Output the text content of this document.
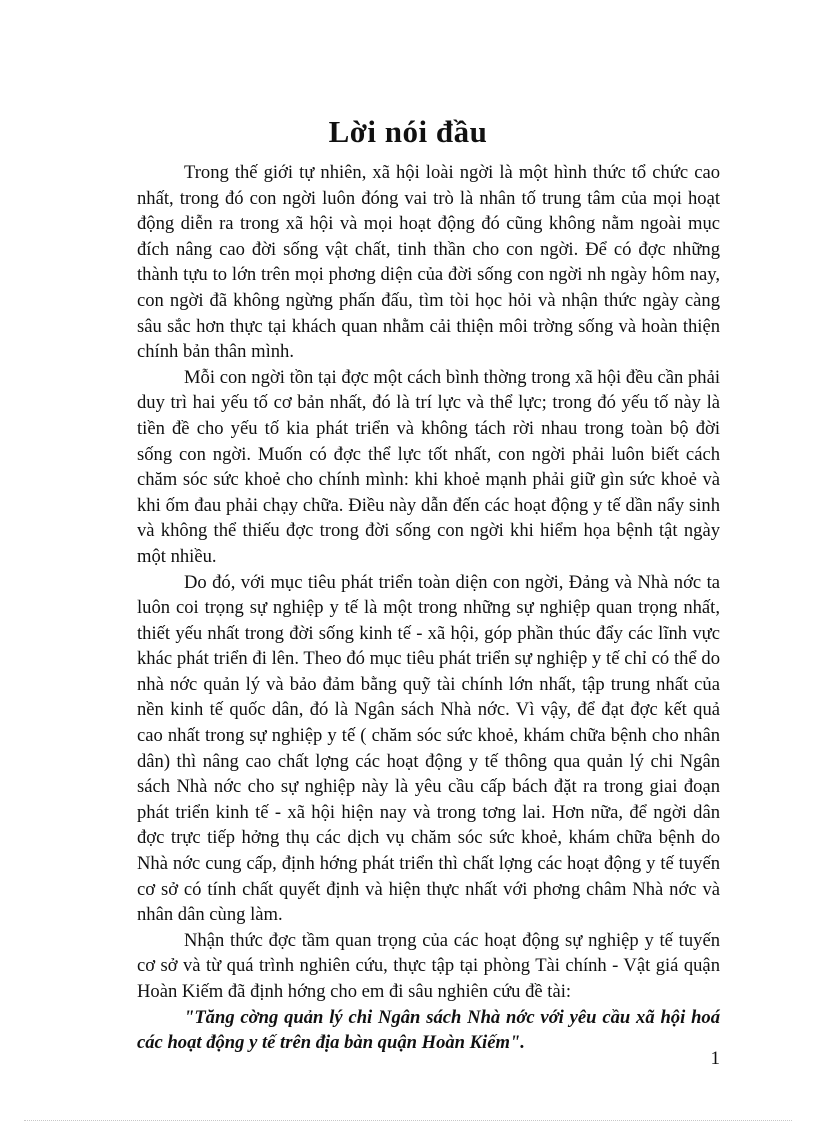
Lời nói đầu

Trong thế giới tự nhiên, xã hội loài ngời là một hình thức tổ chức cao nhất, trong đó con ngời luôn đóng vai trò là nhân tố trung tâm của mọi hoạt động diễn ra trong xã hội và mọi hoạt động đó cũng không nằm ngoài mục đích nâng cao đời sống vật chất, tinh thần cho con ngời. Để có đợc những thành tựu to lớn trên mọi phơng diện của đời sống con ngời nh ngày hôm nay, con ngời đã không ngừng phấn đấu, tìm tòi học hỏi và nhận thức ngày càng sâu sắc hơn thực tại khách quan nhằm cải thiện môi trờng sống và hoàn thiện chính bản thân mình.

Mỗi con ngời tồn tại đợc một cách bình thờng trong xã hội đều cần phải duy trì hai yếu tố cơ bản nhất, đó là trí lực và thể lực; trong đó yếu tố này là tiền đề cho yếu tố kia phát triển và không tách rời nhau trong toàn bộ đời sống con ngời. Muốn có đợc thể lực tốt nhất, con ngời phải luôn biết cách chăm sóc sức khoẻ cho chính mình: khi khoẻ mạnh phải giữ gìn sức khoẻ và khi ốm đau phải chạy chữa. Điều này dẫn đến các hoạt động y tế dần nẩy sinh và không thể thiếu đợc trong đời sống con ngời khi hiểm họa bệnh tật ngày một nhiều.

Do đó, với mục tiêu phát triển toàn diện con ngời, Đảng và Nhà nớc ta luôn coi trọng sự nghiệp y tế là một trong những sự nghiệp quan trọng nhất, thiết yếu nhất trong đời sống kinh tế - xã hội, góp phần thúc đẩy các lĩnh vực khác phát triển đi lên. Theo đó mục tiêu phát triển sự nghiệp y tế chỉ có thể do nhà nớc quản lý và bảo đảm bằng quỹ tài chính lớn nhất, tập trung nhất của nền kinh tế quốc dân, đó là Ngân sách Nhà nớc. Vì vậy, để đạt đợc kết quả cao nhất trong sự nghiệp y tế ( chăm sóc sức khoẻ, khám chữa bệnh cho nhân dân) thì nâng cao chất lợng các hoạt động y tế thông qua quản lý chi Ngân sách Nhà nớc cho sự nghiệp này là yêu cầu cấp bách đặt ra trong giai đoạn phát triển kinh tế - xã hội hiện nay và trong tơng lai. Hơn nữa, để ngời dân đợc trực tiếp hởng thụ các dịch vụ chăm sóc sức khoẻ, khám chữa bệnh do Nhà nớc cung cấp, định hớng phát triển thì chất lợng các hoạt động y tế tuyến cơ sở có tính chất quyết định và hiện thực nhất với phơng châm Nhà nớc và nhân dân cùng làm.

Nhận thức đợc tầm quan trọng của các hoạt động sự nghiệp y tế tuyến cơ sở và từ quá trình nghiên cứu, thực tập tại phòng Tài chính - Vật giá quận Hoàn Kiếm đã định hớng cho em đi sâu nghiên cứu đề tài:

"Tăng cờng quản lý chi Ngân sách Nhà nớc với yêu cầu xã hội hoá các hoạt động y tế trên địa bàn quận Hoàn Kiếm".

1
